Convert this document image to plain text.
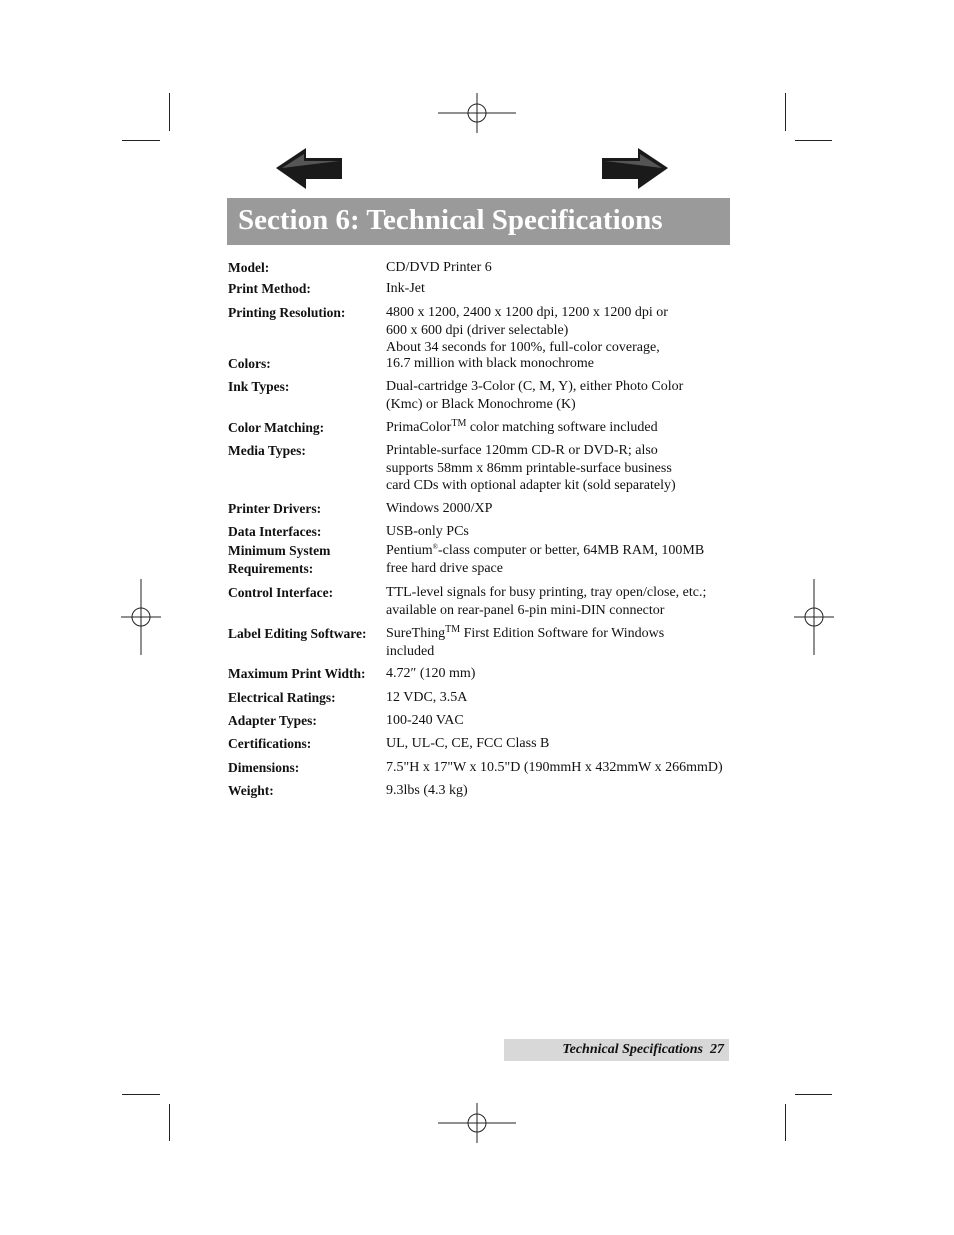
Section 6: Technical Specifications
Model:	CD/DVD Printer 6
Print Method:	Ink-Jet
Printing Resolution:	4800 x 1200, 2400 x 1200 dpi, 1200 x 1200 dpi or
600 x 600 dpi (driver selectable)
About 34 seconds for 100%, full-color coverage,
Colors:	16.7 million with black monochrome
Ink Types:	Dual-cartridge 3-Color (C, M, Y), either Photo Color
(Kmc) or Black Monochrome (K)
Color Matching:	PrimaColor™ color matching software included
Media Types:	Printable-surface 120mm CD-R or DVD-R; also
supports 58mm x 86mm printable-surface business
card CDs with optional adapter kit (sold separately)
Printer Drivers:	Windows 2000/XP
Data Interfaces:	USB-only PCs
Minimum System
Requirements:
Pentium®-class computer or better, 64MB RAM, 100MB
free hard drive space
Control Interface:	TTL-level signals for busy printing, tray open/close, etc.;
available on rear-panel 6-pin mini-DIN connector
Label Editing Software: SureThing™ First Edition Software for Windows
included
Maximum Print Width: 4.72″ (120 mm)
Electrical Ratings:	12 VDC, 3.5A
Adapter Types:	100-240 VAC
Certifications:	UL, UL-C, CE, FCC Class B
Dimensions:	7.5"H x 17"W x 10.5"D (190mmH x 432mmW x 266mmD)
Weight:	9.3lbs (4.3 kg)
Technical Specifications 27
